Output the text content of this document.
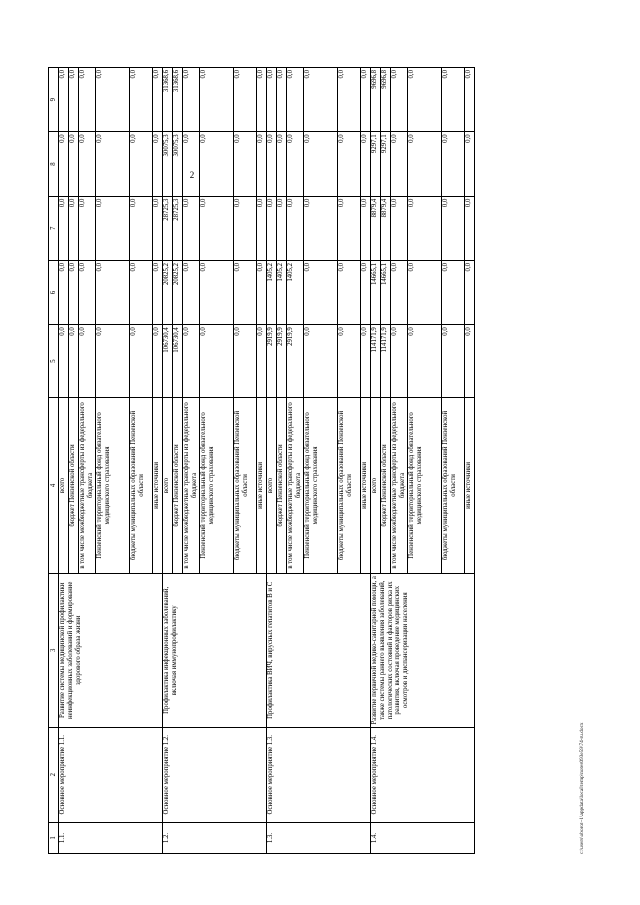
2
1	2	3	4	5	6	7	8	9
1.1.	Основное мероприятие 1.1.	Развитие системы медицинской профилактики неинфекционных заболеваний и формирование здорового образа жизни	всего	0,0	0,0	0,0	0,0	0,0
			бюджет Пензенской области	0,0	0,0	0,0	0,0	0,0
			в том числе межбюджетные трансферты из федерального бюджета	0,0	0,0	0,0	0,0	0,0
			Пензенский территориальный фонд обязательного медицинского страхования	0,0	0,0	0,0	0,0	0,0
			бюджеты муниципальных образований Пензенской области	0,0	0,0	0,0	0,0	0,0
			иные источники	0,0	0,0	0,0	0,0	0,0
1.2.	Основное мероприятие 1.2.	Профилактика инфекционных заболеваний, включая иммунопрофилактику	всего	106730,4	20825,2	28725,3	30075,3	31368,6
			бюджет Пензенской области	106730,4	20825,2	28725,3	30075,3	31368,6
			в том числе межбюджетные трансферты из федерального бюджета	0,0	0,0	0,0	0,0	0,0
			Пензенский территориальный фонд обязательного медицинского страхования	0,0	0,0	0,0	0,0	0,0
			бюджеты муниципальных образований Пензенской области	0,0	0,0	0,0	0,0	0,0
			иные источники	0,0	0,0	0,0	0,0	0,0
1.3.	Основное мероприятие 1.3.	Профилактика ВИЧ, вирусных гепатитов В и С	всего	2919,9	1405,2	0,0	0,0	0,0
			бюджет Пензенской области	2919,9	1405,2	0,0	0,0	0,0
			в том числе межбюджетные трансферты из федерального бюджета	2919,9	1405,2	0,0	0,0	0,0
			Пензенский территориальный фонд обязательного медицинского страхования	0,0	0,0	0,0	0,0	0,0
			бюджеты муниципальных образований Пензенской области	0,0	0,0	0,0	0,0	0,0
			иные источники	0,0	0,0	0,0	0,0	0,0
1.4.	Основное мероприятие 1.4.	Развитие первичной медико-санитарной помощи, а также системы раннего выявления заболеваний, патологических состояний и факторов риска их развития, включая проведение медицинских осмотров и диспансеризации населения	всего	114171,9	14665,1	8879,4	9297,1	9696,8
			бюджет Пензенской области	114171,9	14665,1	8879,4	9297,1	9696,8
			в том числе межбюджетные трансферты из федерального бюджета	0,0	0,0	0,0	0,0	0,0
			Пензенский территориальный фонд обязательного медицинского страхования	0,0	0,0	0,0	0,0	0,0
			бюджеты муниципальных образований Пензенской области	0,0	0,0	0,0	0,0	0,0
			иные источники	0,0	0,0	0,0	0,0	0,0
c:\users\oborot~1\appdata\local\temp\notes093e59\74-ru.docx
